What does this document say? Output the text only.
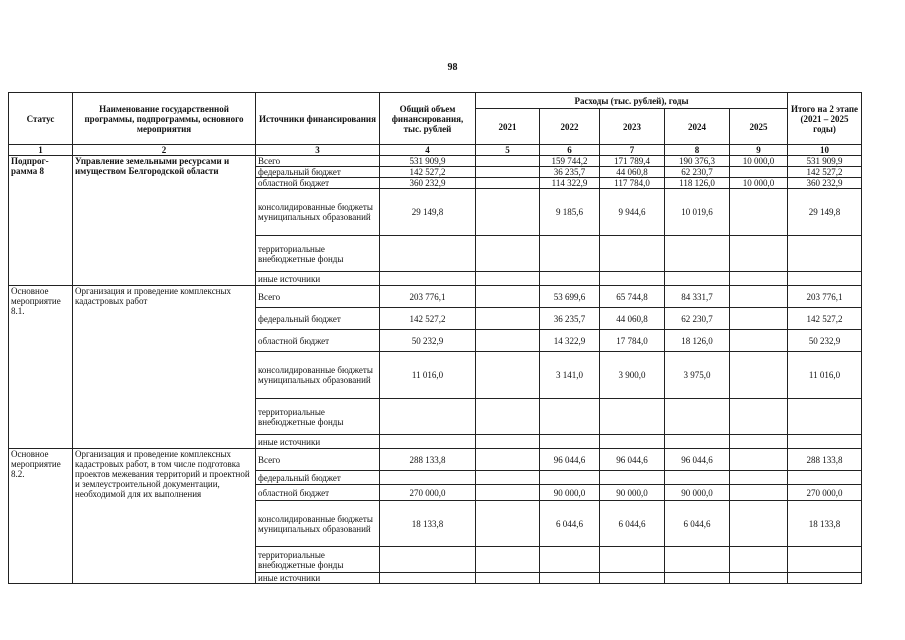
98
Статус	Наименование государственной программы, подпрограммы, основного мероприятия	Источники финансирования	Общий объем финансирования, тыс. рублей	Расходы (тыс. рублей), годы					Итого на 2 этапе (2021 – 2025 годы)
				2021	2022	2023	2024	2025	
1	2	3	4	5	6	7	8	9	10
Подпрог-рамма 8	Управление земельными ресурсами и имуществом Белгородской области	Всего	531 909,9		159 744,2	171 789,4	190 376,3	10 000,0	531 909,9
		федеральный бюджет	142 527,2		36 235,7	44 060,8	62 230,7		142 527,2
		областной бюджет	360 232,9		114 322,9	117 784,0	118 126,0	10 000,0	360 232,9
		консолидированные бюджеты муниципальных образований	29 149,8		9 185,6	9 944,6	10 019,6		29 149,8
		территориальные внебюджетные фонды							
		иные источники							
Основное мероприятие 8.1.	Организация и проведение комплексных кадастровых работ	Всего	203 776,1		53 699,6	65 744,8	84 331,7		203 776,1
		федеральный бюджет	142 527,2		36 235,7	44 060,8	62 230,7		142 527,2
		областной бюджет	50 232,9		14 322,9	17 784,0	18 126,0		50 232,9
		консолидированные бюджеты муниципальных образований	11 016,0		3 141,0	3 900,0	3 975,0		11 016,0
		территориальные внебюджетные фонды							
		иные источники							
Основное мероприятие 8.2.	Организация и проведение комплексных кадастровых работ, в том числе подготовка проектов межевания территорий и проектной и землеустроительной документации, необходимой для их выполнения	Всего	288 133,8		96 044,6	96 044,6	96 044,6		288 133,8
		федеральный бюджет							
		областной бюджет	270 000,0		90 000,0	90 000,0	90 000,0		270 000,0
		консолидированные бюджеты муниципальных образований	18 133,8		6 044,6	6 044,6	6 044,6		18 133,8
		территориальные внебюджетные фонды							
		иные источники							
